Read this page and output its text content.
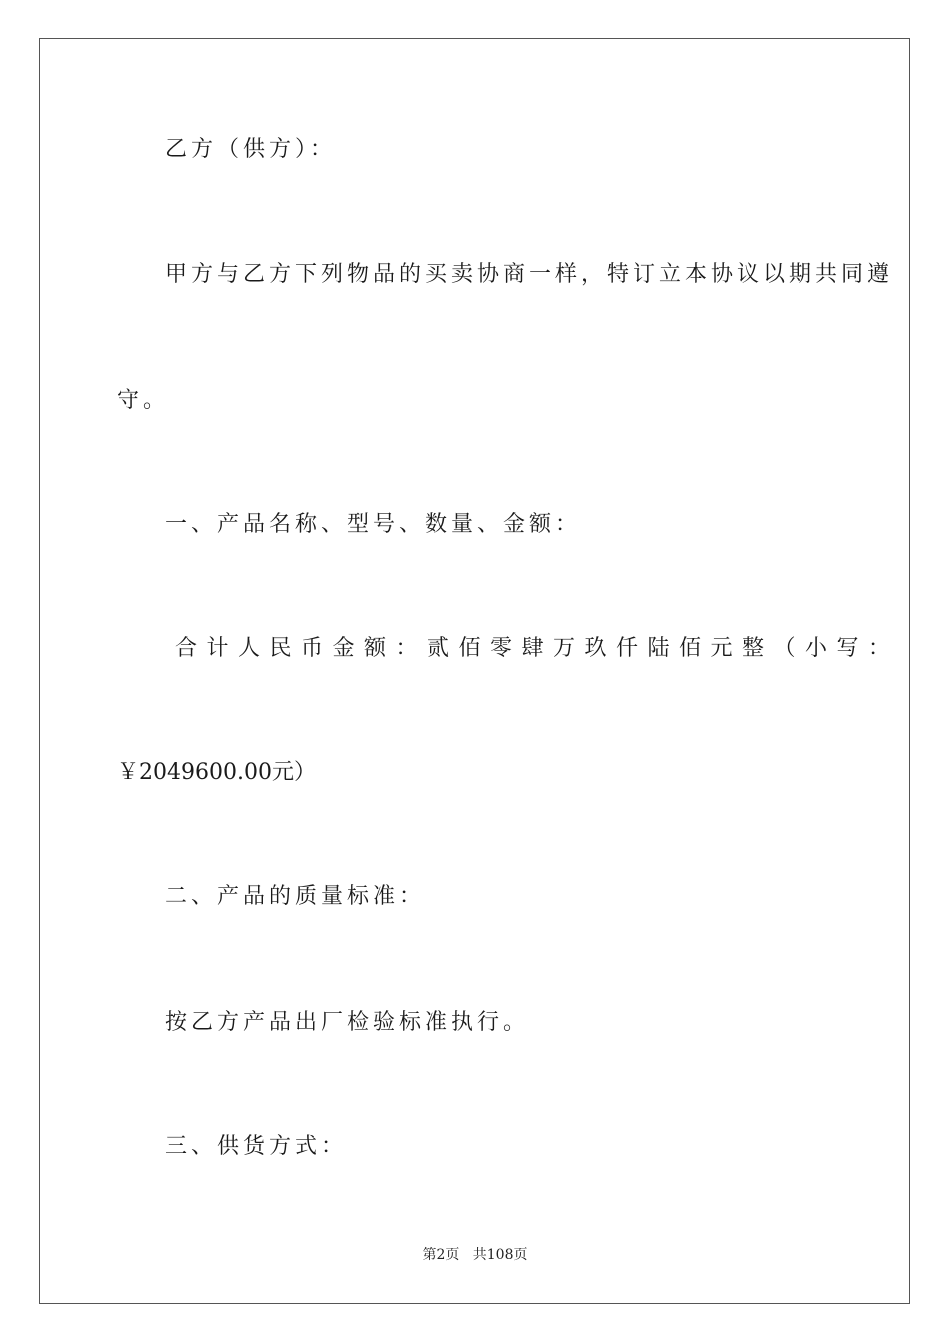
乙方（供方）：
甲方与乙方下列物品的买卖协商一样，特订立本协议以期共同遵
守。
一、产品名称、型号、数量、金额：
合计人民币金额：贰佰零肆万玖仟陆佰元整（小写：
￥2049600.00元）
二、产品的质量标准：
按乙方产品出厂检验标准执行。
三、供货方式：
第2页   共108页
